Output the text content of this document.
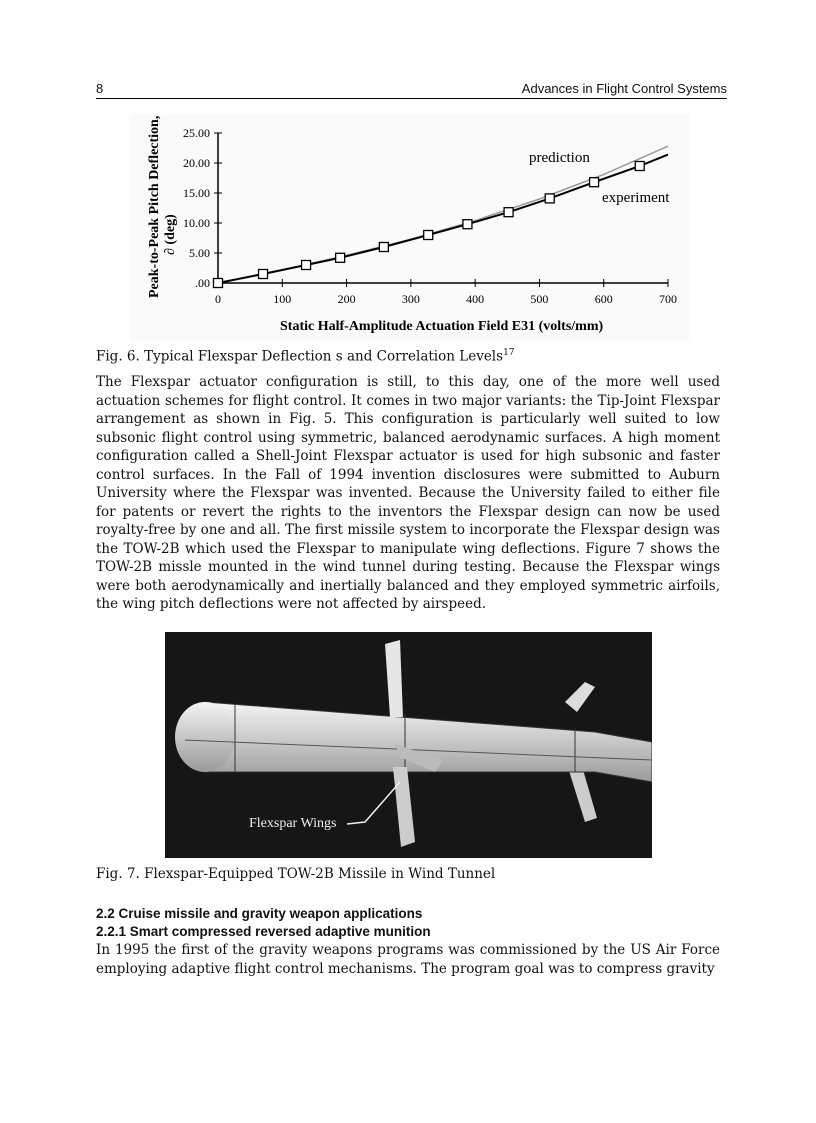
8	Advances in Flight Control Systems
0	100	200	300	400	500	600	700
.00
5.00
10.00
15.00
20.00
25.00
Peak-to-Peak Pitch Deflection, ∂ (deg)
Static Half-Amplitude Actuation Field E31 (volts/mm)
prediction
experiment
Fig. 6. Typical Flexspar Deflection s and Correlation Levels$^{17}$
The Flexspar actuator configuration is still, to this day, one of the more well used actuation schemes for flight control. It comes in two major variants: the Tip-Joint Flexspar arrangement as shown in Fig. 5. This configuration is particularly well suited to low subsonic flight control using symmetric, balanced aerodynamic surfaces. A high moment configuration called a Shell-Joint Flexspar actuator is used for high subsonic and faster control surfaces. In the Fall of 1994 invention disclosures were submitted to Auburn University where the Flexspar was invented. Because the University failed to either file for patents or revert the rights to the inventors the Flexspar design can now be used royalty-free by one and all. The first missile system to incorporate the Flexspar design was the TOW-2B which used the Flexspar to manipulate wing deflections. Figure 7 shows the TOW-2B missle mounted in the wind tunnel during testing. Because the Flexspar wings were both aerodynamically and inertially balanced and they employed symmetric airfoils, the wing pitch deflections were not affected by airspeed.
Flexspar Wings
Fig. 7. Flexspar-Equipped TOW-2B Missile in Wind Tunnel
2.2 Cruise missile and gravity weapon applications
2.2.1 Smart compressed reversed adaptive munition
In 1995 the first of the gravity weapons programs was commissioned by the US Air Force employing adaptive flight control mechanisms. The program goal was to compress gravity
